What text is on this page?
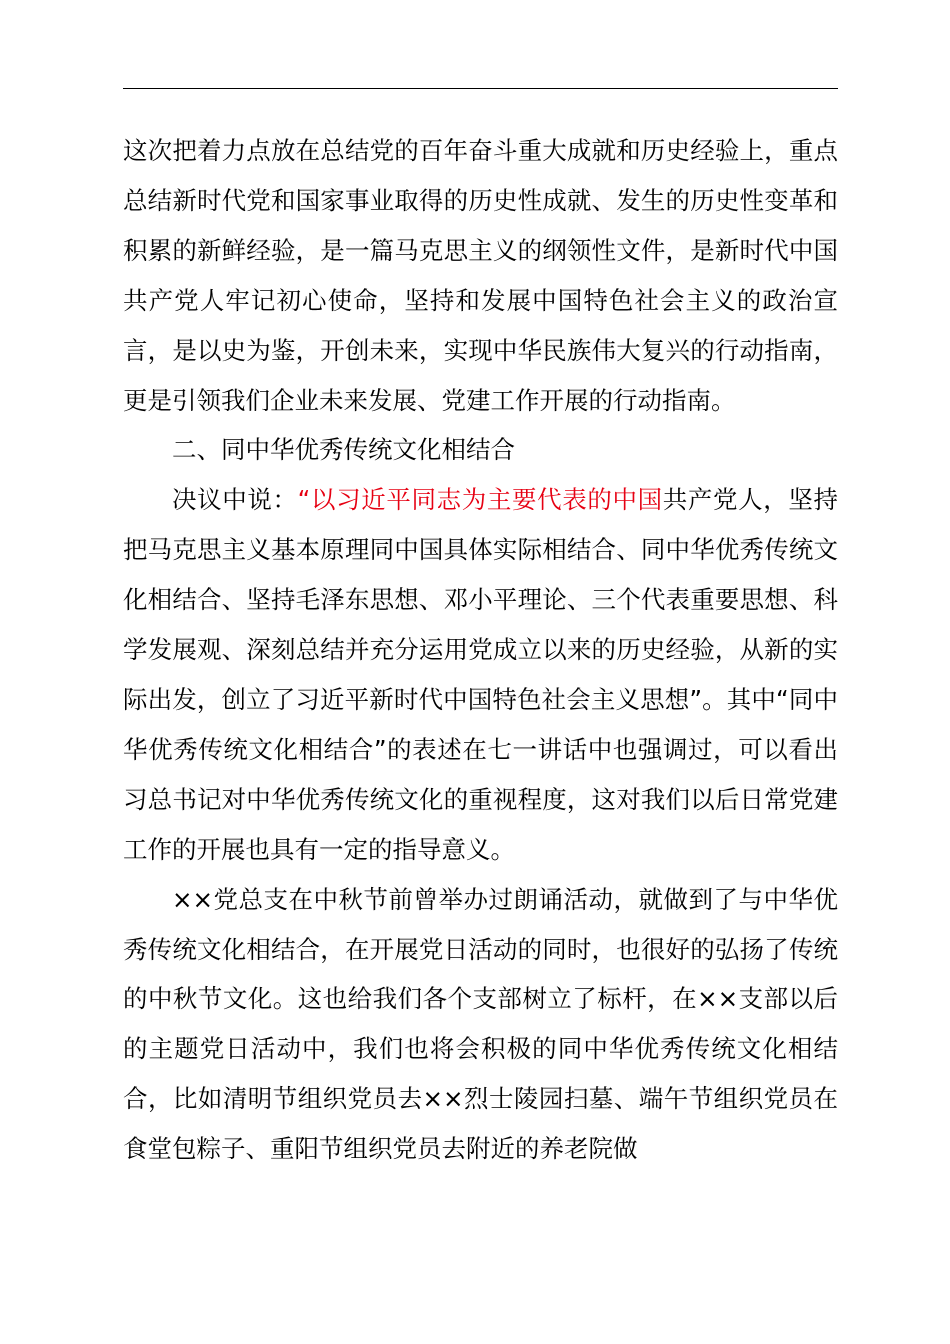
这次把着力点放在总结党的百年奋斗重大成就和历史经验上，重点总结新时代党和国家事业取得的历史性成就、发生的历史性变革和积累的新鲜经验，是一篇马克思主义的纲领性文件，是新时代中国共产党人牢记初心使命，坚持和发展中国特色社会主义的政治宣言，是以史为鉴，开创未来，实现中华民族伟大复兴的行动指南，更是引领我们企业未来发展、党建工作开展的行动指南。

二、同中华优秀传统文化相结合

决议中说：“以习近平同志为主要代表的中国共产党人，坚持把马克思主义基本原理同中国具体实际相结合、同中华优秀传统文化相结合、坚持毛泽东思想、邓小平理论、三个代表重要思想、科学发展观、深刻总结并充分运用党成立以来的历史经验，从新的实际出发，创立了习近平新时代中国特色社会主义思想”。其中“同中华优秀传统文化相结合”的表述在七一讲话中也强调过，可以看出习总书记对中华优秀传统文化的重视程度，这对我们以后日常党建工作的开展也具有一定的指导意义。

××党总支在中秋节前曾举办过朗诵活动，就做到了与中华优秀传统文化相结合，在开展党日活动的同时，也很好的弘扬了传统的中秋节文化。这也给我们各个支部树立了标杆，在××支部以后的主题党日活动中，我们也将会积极的同中华优秀传统文化相结合，比如清明节组织党员去××烈士陵园扫墓、端午节组织党员在食堂包粽子、重阳节组织党员去附近的养老院做
